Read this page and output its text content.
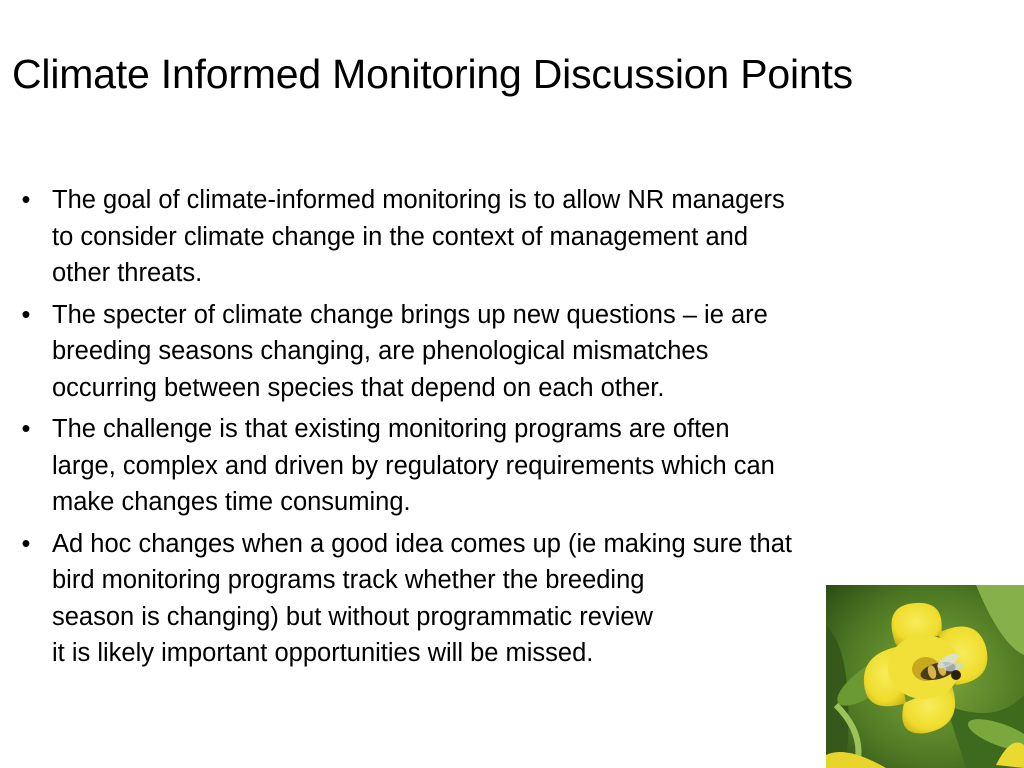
Climate Informed Monitoring Discussion Points
• The goal of climate-informed monitoring is to allow NR managers
to consider climate change in the context of management and
other threats.
• The specter of climate change brings up new questions – ie are
breeding seasons changing, are phenological mismatches
occurring between species that depend on each other.
• The challenge is that existing monitoring programs are often
large, complex and driven by regulatory requirements which can
make changes time consuming.
• Ad hoc changes when a good idea comes up (ie making sure that
bird monitoring programs track whether the breeding
season is changing) but without programmatic review
it is likely important opportunities will be missed.
